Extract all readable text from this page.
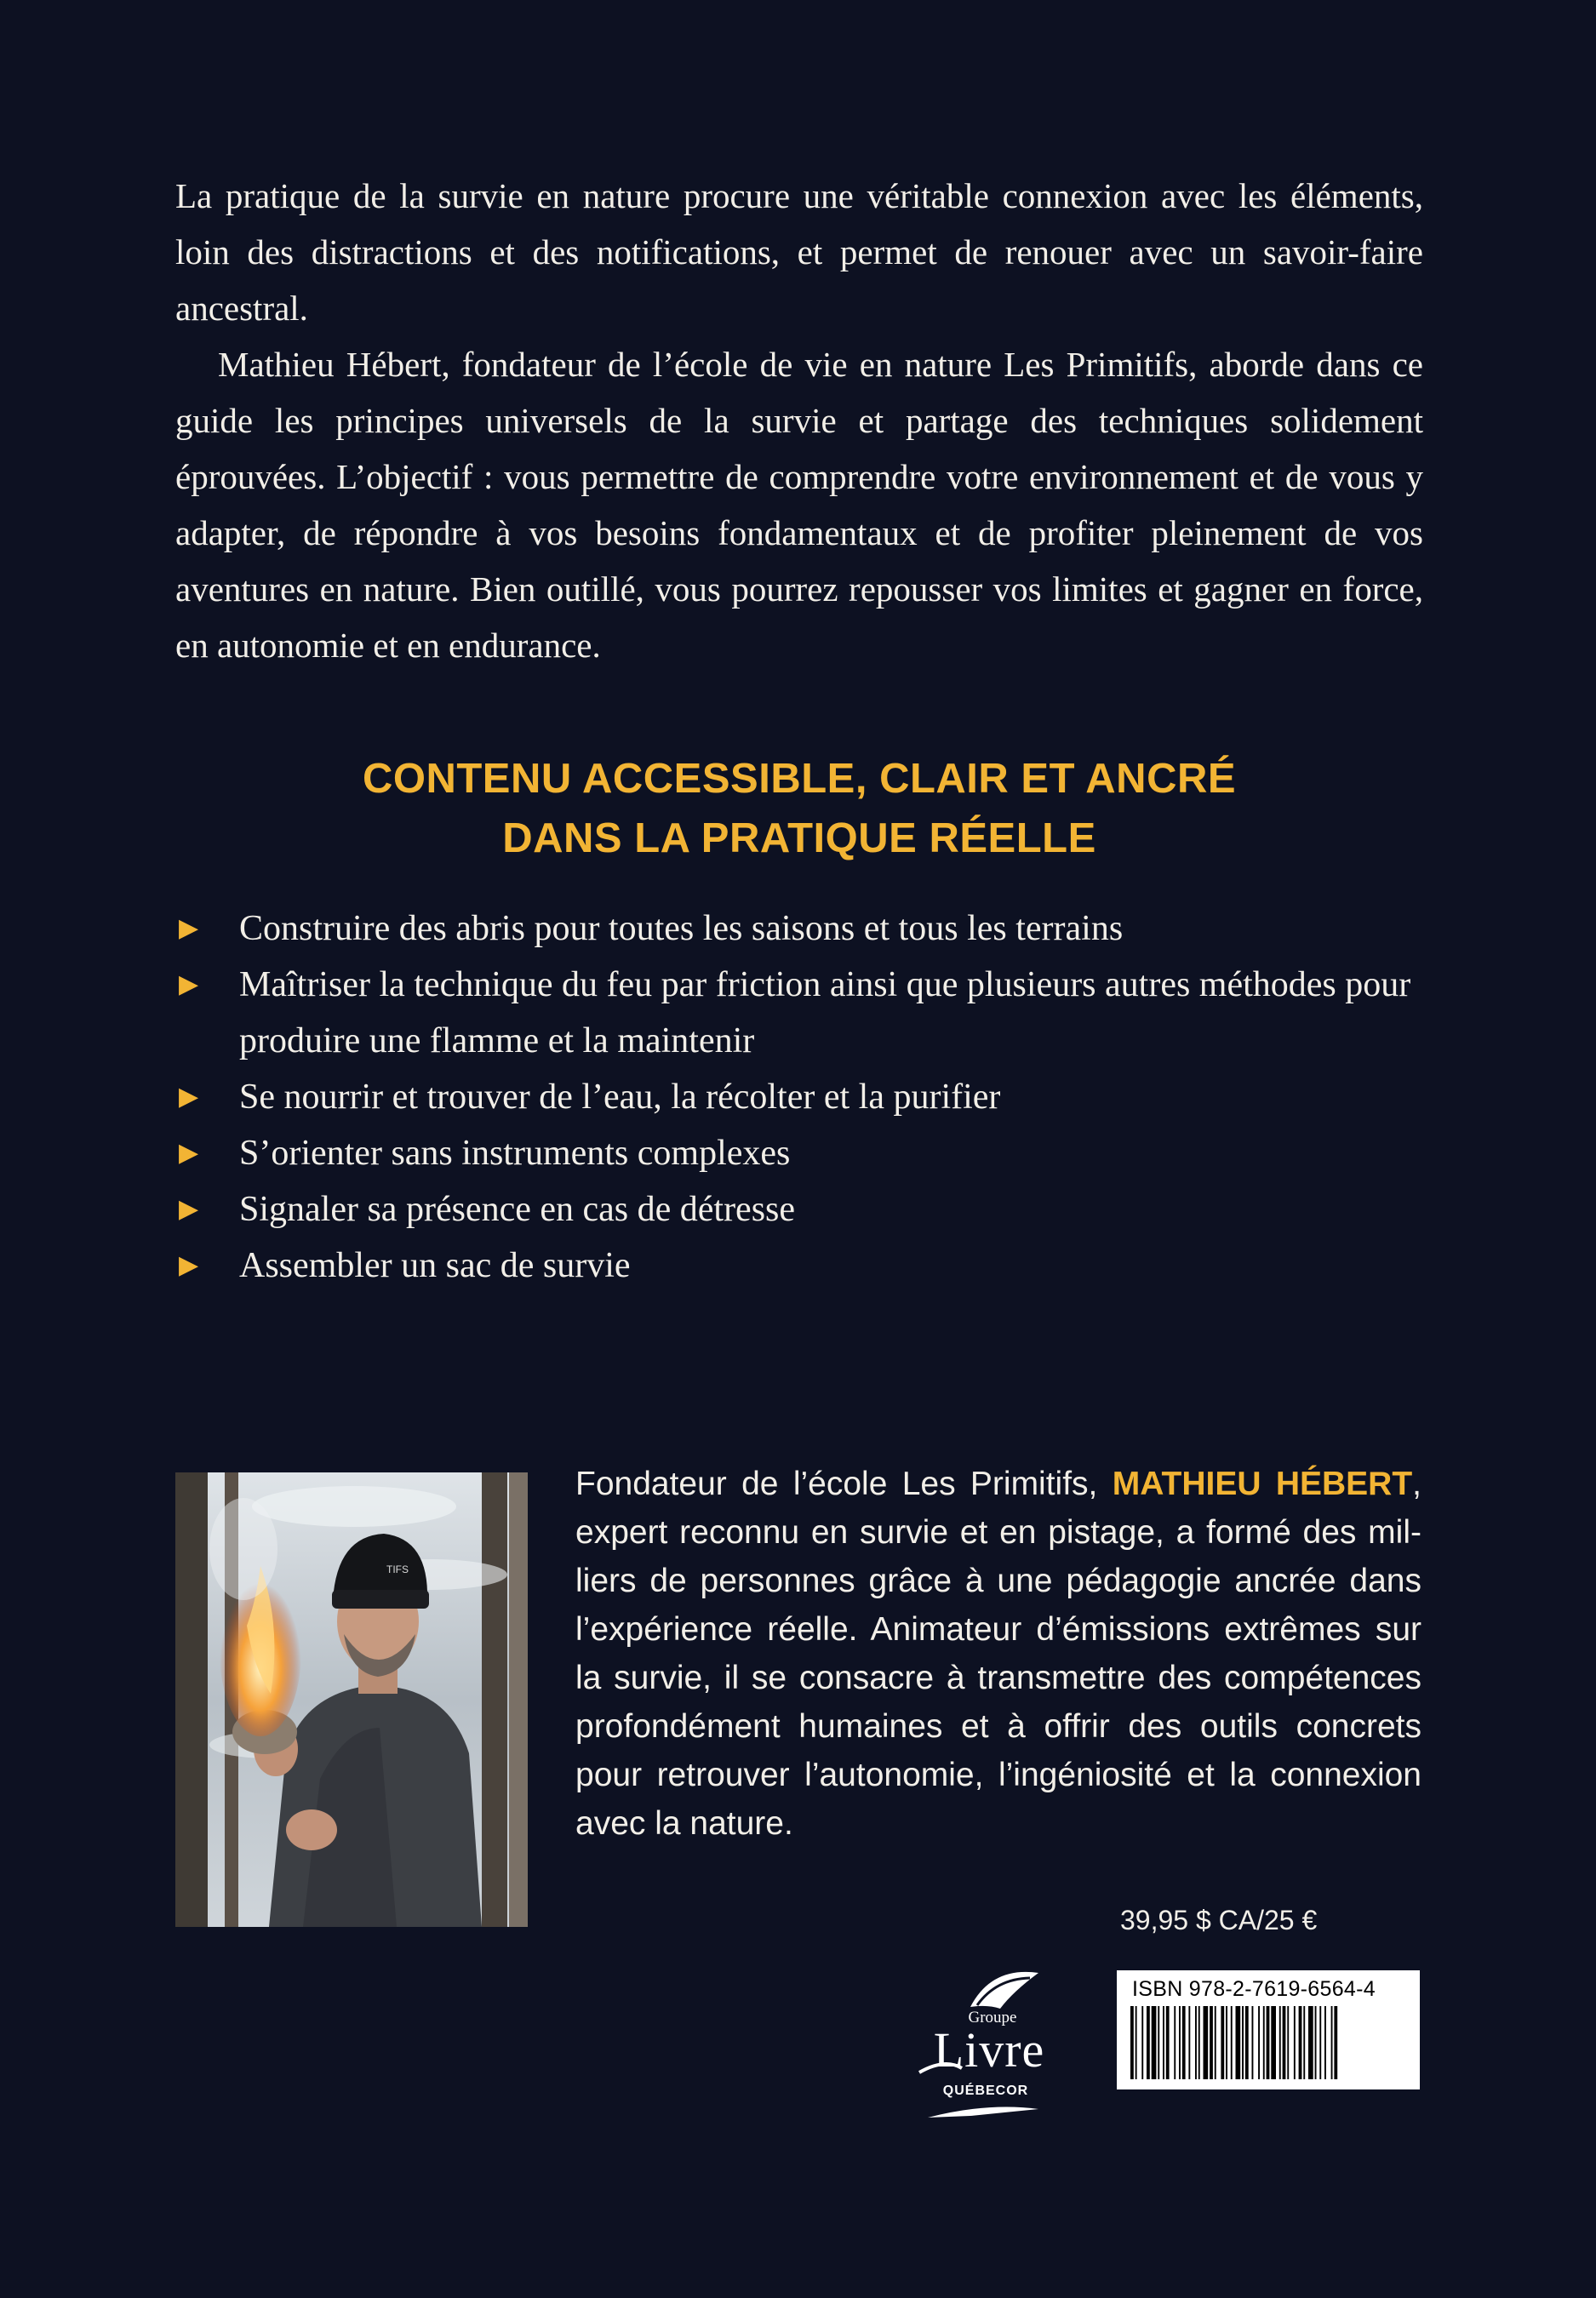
La pratique de la survie en nature procure une véritable connexion avec les éléments, loin des distractions et des notifications, et permet de renouer avec un savoir-faire ancestral.

Mathieu Hébert, fondateur de l’école de vie en nature Les Primitifs, aborde dans ce guide les principes universels de la survie et partage des techniques solidement éprouvées. L’objectif : vous permettre de comprendre votre environnement et de vous y adapter, de répondre à vos besoins fondamentaux et de profiter pleinement de vos aventures en nature. Bien outillé, vous pourrez repousser vos limites et gagner en force, en autonomie et en endurance.

CONTENU ACCESSIBLE, CLAIR ET ANCRÉ
DANS LA PRATIQUE RÉELLE
▶ Construire des abris pour toutes les saisons et tous les terrains
▶ Maîtriser la technique du feu par friction ainsi que plusieurs autres méthodes pour produire une flamme et la maintenir
▶ Se nourrir et trouver de l’eau, la récolter et la purifier
▶ S’orienter sans instruments complexes
▶ Signaler sa présence en cas de détresse
▶ Assembler un sac de survie
TIFS

Fondateur de l’école Les Primitifs, MATHIEU HÉBERT, expert reconnu en survie et en pistage, a formé des milliers de personnes grâce à une pédagogie ancrée dans l’expérience réelle. Animateur d’émissions extrêmes sur la survie, il se consacre à transmettre des compétences profondément humaines et à offrir des outils concrets pour retrouver l’autonomie, l’ingéniosité et la connexion avec la nature.

39,95 $ CA/25 €
Groupe
Livre
QUÉBECOR
ISBN 978-2-7619-6564-4
